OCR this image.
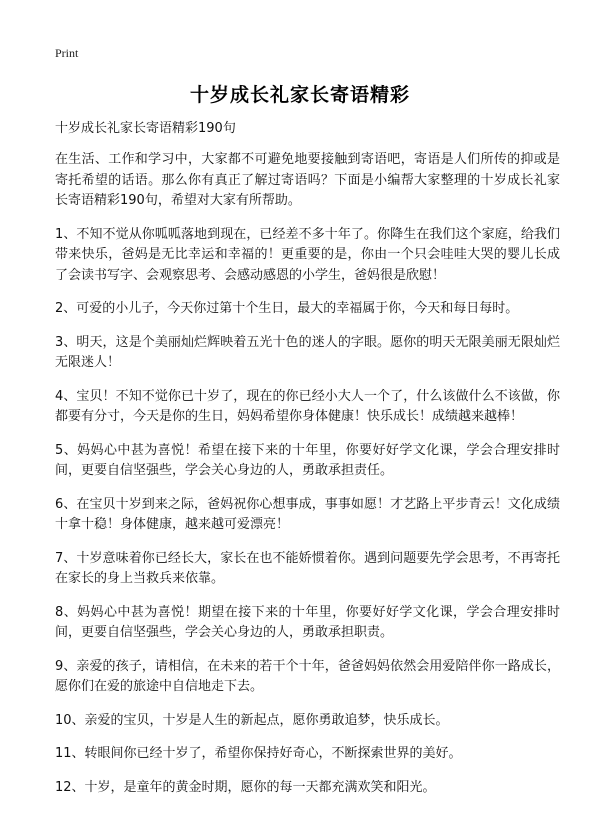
Print
十岁成长礼家长寄语精彩

十岁成长礼家长寄语精彩190句

在生活、工作和学习中，大家都不可避免地要接触到寄语吧，寄语是人们所传的抑或是寄托希望的话语。那么你有真正了解过寄语吗？下面是小编帮大家整理的十岁成长礼家长寄语精彩190句，希望对大家有所帮助。

1、不知不觉从你呱呱落地到现在，已经差不多十年了。你降生在我们这个家庭，给我们带来快乐，爸妈是无比幸运和幸福的！更重要的是，你由一个只会哇哇大哭的婴儿长成了会读书写字、会观察思考、会感动感恩的小学生，爸妈很是欣慰！

2、可爱的小儿子，今天你过第十个生日，最大的幸福属于你，今天和每日每时。

3、明天，这是个美丽灿烂辉映着五光十色的迷人的字眼。愿你的明天无限美丽无限灿烂无限迷人！

4、宝贝！不知不觉你已十岁了，现在的你已经小大人一个了，什么该做什么不该做，你都要有分寸，今天是你的生日，妈妈希望你身体健康！快乐成长！成绩越来越棒！

5、妈妈心中甚为喜悦！希望在接下来的十年里，你要好好学文化课，学会合理安排时间，更要自信坚强些，学会关心身边的人，勇敢承担责任。

6、在宝贝十岁到来之际，爸妈祝你心想事成，事事如愿！才艺路上平步青云！文化成绩十拿十稳！身体健康，越来越可爱漂亮！

7、十岁意味着你已经长大，家长在也不能娇惯着你。遇到问题要先学会思考，不再寄托在家长的身上当救兵来依靠。

8、妈妈心中甚为喜悦！期望在接下来的十年里，你要好好学文化课，学会合理安排时间，更要自信坚强些，学会关心身边的人，勇敢承担职责。

9、亲爱的孩子，请相信，在未来的若干个十年，爸爸妈妈依然会用爱陪伴你一路成长，愿你们在爱的旅途中自信地走下去。

10、亲爱的宝贝，十岁是人生的新起点，愿你勇敢追梦，快乐成长。

11、转眼间你已经十岁了，希望你保持好奇心，不断探索世界的美好。

12、十岁，是童年的黄金时期，愿你的每一天都充满欢笑和阳光。
